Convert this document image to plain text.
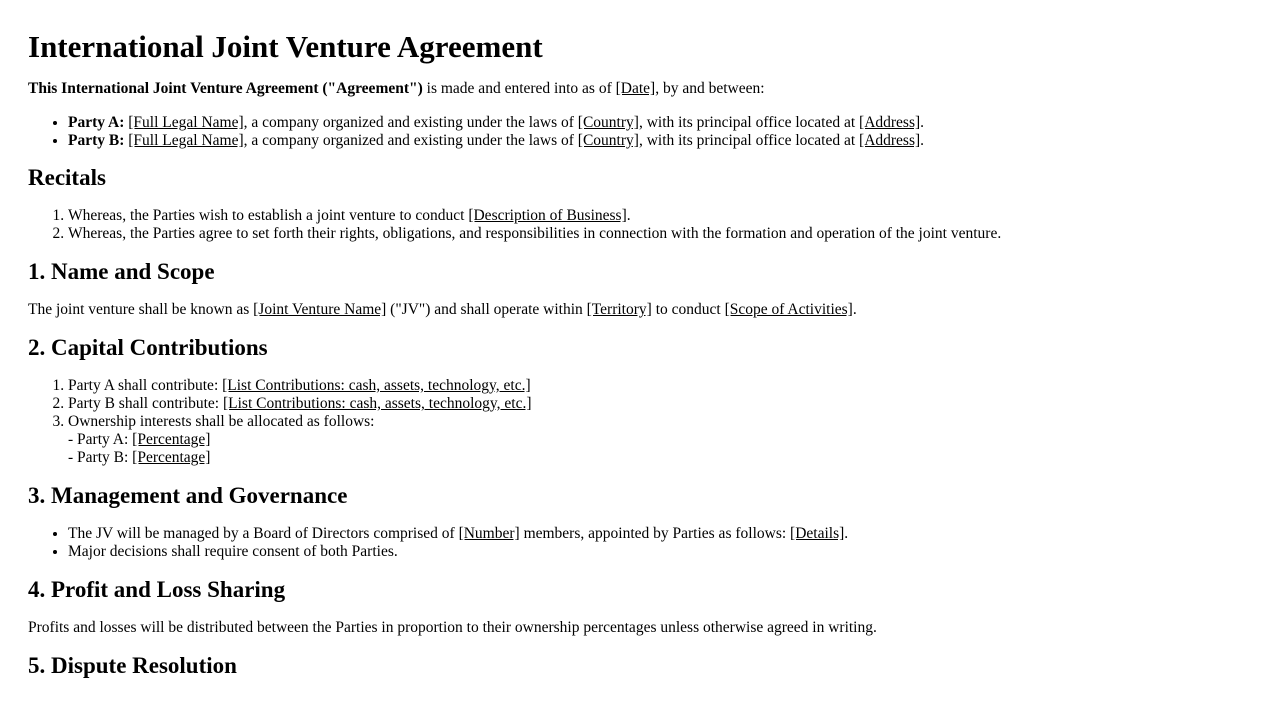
International Joint Venture Agreement

This International Joint Venture Agreement ("Agreement") is made and entered into as of [Date], by and between:

• Party A: [Full Legal Name], a company organized and existing under the laws of [Country], with its principal office located at [Address].
• Party B: [Full Legal Name], a company organized and existing under the laws of [Country], with its principal office located at [Address].
Recitals
1. Whereas, the Parties wish to establish a joint venture to conduct [Description of Business].
2. Whereas, the Parties agree to set forth their rights, obligations, and responsibilities in connection with the formation and operation of the joint venture.
1. Name and Scope

The joint venture shall be known as [Joint Venture Name] ("JV") and shall operate within [Territory] to conduct [Scope of Activities].

2. Capital Contributions
1. Party A shall contribute: [List Contributions: cash, assets, technology, etc.]
2. Party B shall contribute: [List Contributions: cash, assets, technology, etc.]
3. Ownership interests shall be allocated as follows:
- Party A: [Percentage]
- Party B: [Percentage]
3. Management and Governance
• The JV will be managed by a Board of Directors comprised of [Number] members, appointed by Parties as follows: [Details].
• Major decisions shall require consent of both Parties.
4. Profit and Loss Sharing

Profits and losses will be distributed between the Parties in proportion to their ownership percentages unless otherwise agreed in writing.

5. Dispute Resolution
